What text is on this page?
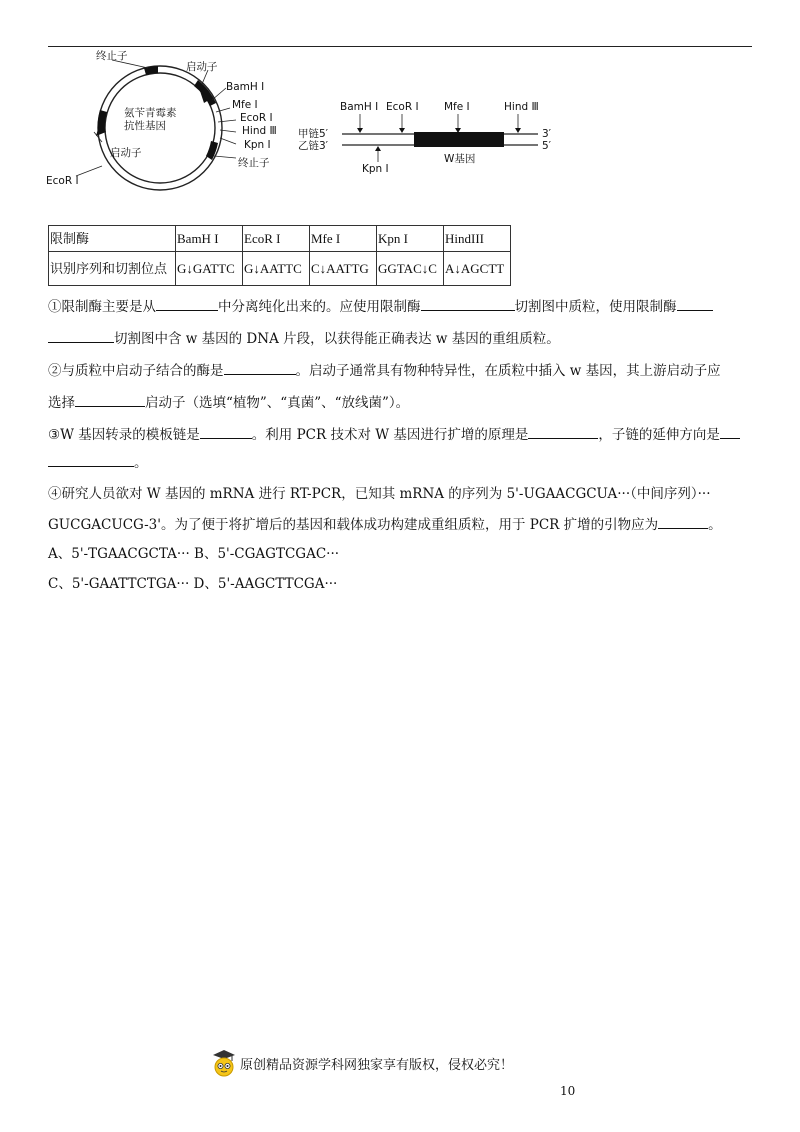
终止子
启动子
BamH I
Mfe I
EcoR I
Hind Ⅲ
Kpn I
终止子
氨苄青霉素
抗性基因
启动子
EcoR I
BamH I EcoR I Mfe I	Hind Ⅲ
甲链5′
乙链3′
3′
5′
Kpn I
W基因
限制酶	BamH I	EcoR I	Mfe I	Kpn I	HindIII
识别序列和切割位点	G↓GATTC	G↓AATTC	C↓AATTG	GGTAC↓C	A↓AGCTT
①限制酶主要是从	中分离纯化出来的。应使用限制酶	切割图中质粒，使用限制酶
切割图中含 w 基因的 DNA 片段，以获得能正确表达 w 基因的重组质粒。
②与质粒中启动子结合的酶是	。启动子通常具有物种特异性，在质粒中插入 w 基因，其上游启动子应
选择	启动子（选填“植物”、“真菌”、“放线菌”）。
③W 基因转录的模板链是	。利用 PCR 技术对 W 基因进行扩增的原理是	，子链的延伸方向是
。
④研究人员欲对 W 基因的 mRNA 进行 RT-PCR，已知其 mRNA 的序列为 5'-UGAACGCUA···（中间序列）···
GUCGACUCG-3'。为了便于将扩增后的基因和载体成功构建成重组质粒，用于 PCR 扩增的引物应为	。
A、5'-TGAACGCTA··· B、5'-CGAGTCGAC···
C、5'-GAATTCTGA··· D、5'-AAGCTTCGA···
原创精品资源学科网独家享有版权，侵权必究！
10
